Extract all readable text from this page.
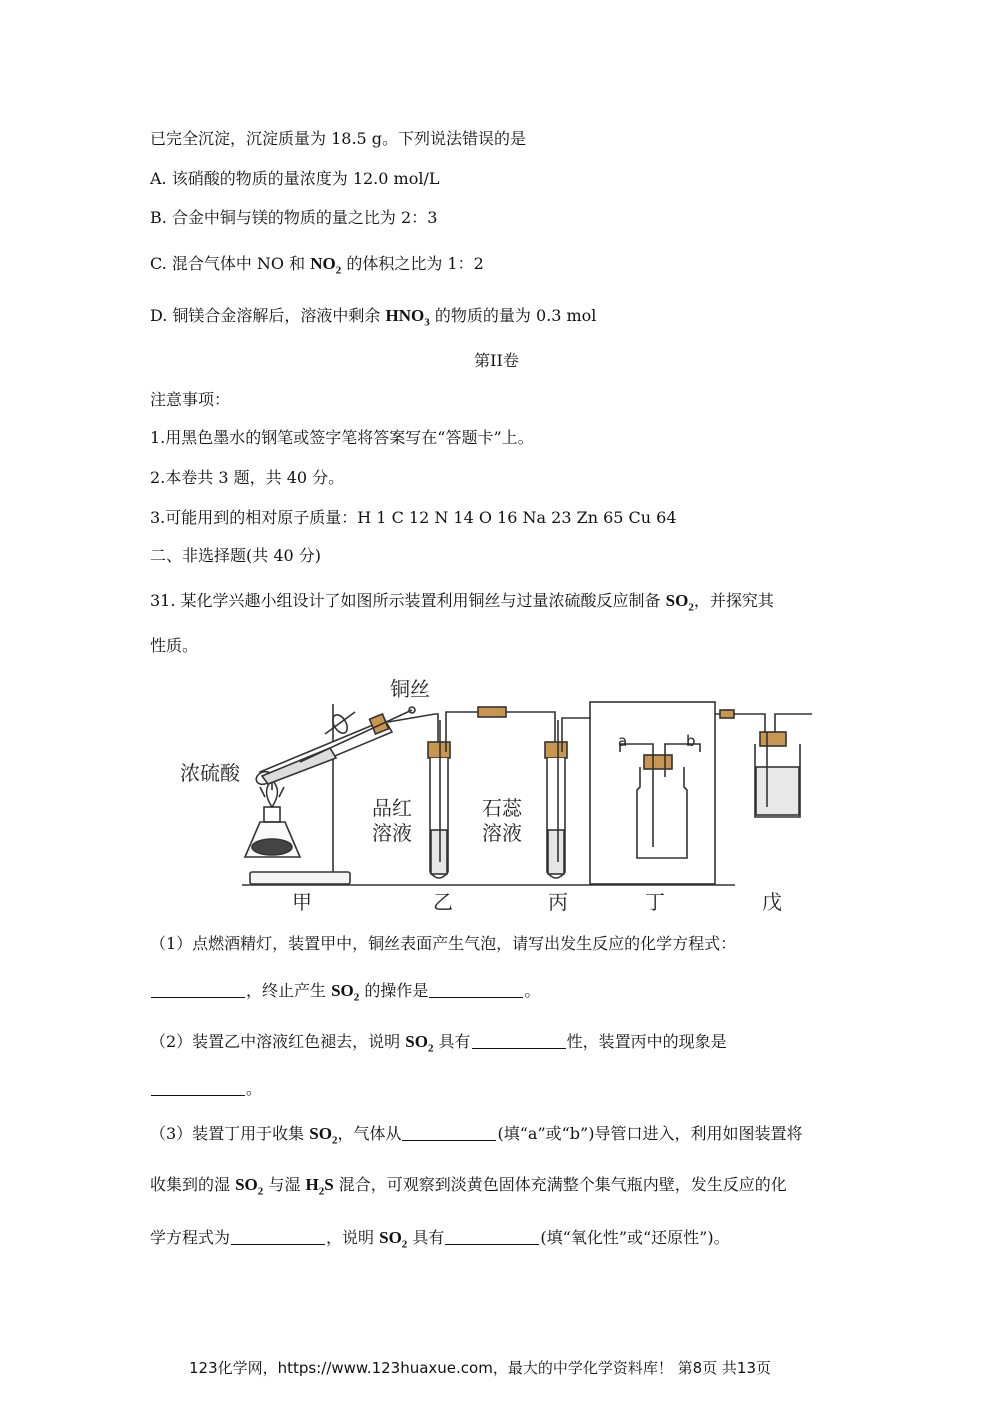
已完全沉淀，沉淀质量为 18.5 g。下列说法错误的是
A. 该硝酸的物质的量浓度为 12.0 mol/L
B. 合金中铜与镁的物质的量之比为 2：3
C. 混合气体中 NO 和 $NO_2$ 的体积之比为 1：2
D. 铜镁合金溶解后，溶液中剩余 $HNO_3$ 的物质的量为 0.3 mol
第II卷
注意事项：
1.用黑色墨水的钢笔或签字笔将答案写在“答题卡”上。
2.本卷共 3 题，共 40 分。
3.可能用到的相对原子质量：H 1 C 12 N 14 O 16 Na 23 Zn 65 Cu 64
二、非选择题(共 40 分)
31. 某化学兴趣小组设计了如图所示装置利用铜丝与过量浓硫酸反应制备 $SO_2$，并探究其
性质。
铜丝
浓硫酸
品红
溶液
石蕊
溶液
a	b
甲	乙	丙	丁	戊
（1）点燃酒精灯，装置甲中，铜丝表面产生气泡，请写出发生反应的化学方程式：
，终止产生 $SO_2$ 的操作是	。
（2）装置乙中溶液红色褪去，说明 $SO_2$ 具有	性，装置丙中的现象是
。
（3）装置丁用于收集 $SO_2$，气体从	(填“a”或“b”)导管口进入，利用如图装置将
收集到的湿 $SO_2$ 与湿 $H_2S$ 混合，可观察到淡黄色固体充满整个集气瓶内壁，发生反应的化
学方程式为	，说明 $SO_2$ 具有	(填“氧化性”或“还原性”)。
123化学网，https://www.123huaxue.com，最大的中学化学资料库！ 第8页 共13页
